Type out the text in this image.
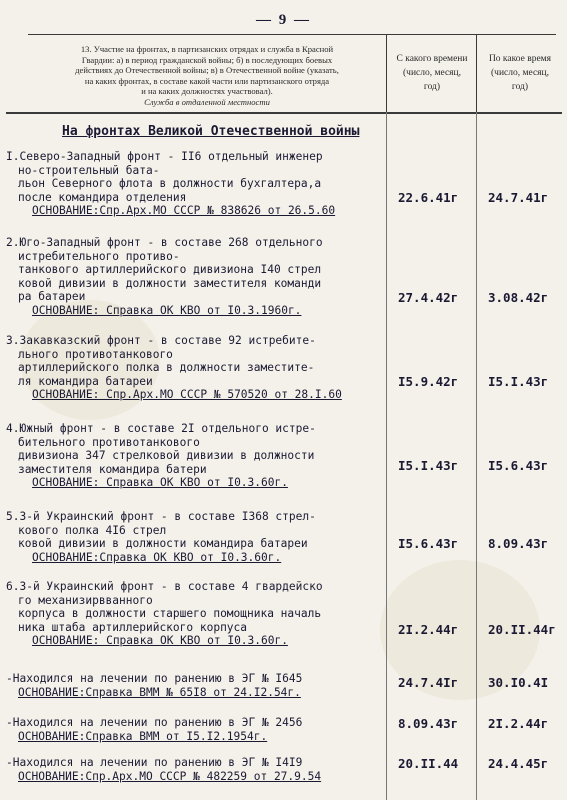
— 9 —
13. Участие на фронтах, в партизанских отрядах и служба в Красной
Гвардии: а) в период гражданской войны; б) в последующих боевых
действиях до Отечественной войны; в) в Отечественной войне (указать,
на каких фронтах, в составе какой части или партизанского отряда
и на каких должностях участвовал).
Служба в отдаленной местности
С какого времени
(число, месяц,
год)
По какое время
(число, месяц,
год)
На фронтах Великой Отечественной войны
I.Северо-Западный фронт - II6 отдельный инженер
но-строительный бата-
льон Северного флота в должности бухгалтера,а
после командира отделения
ОСНОВАНИЕ:Спр.Арх.МО СССР № 838626 от 26.5.60
22.6.41г 24.7.41г
2.Юго-Западный фронт - в составе 268 отдельного
истребительного противо-
танкового артиллерийского дивизиона I40 стрел
ковой дивизии в должности заместителя команди
ра батареи
ОСНОВАНИЕ: Справка ОК КВО от I0.3.1960г.
27.4.42г 3.08.42г
3.Закавказский фронт - в составе 92 истребите-
льного противотанкового
артиллерийского полка в должности заместите-
ля командира батареи
ОСНОВАНИЕ: Спр.Арх.МО СССР № 570520 от 28.I.60
I5.9.42г I5.I.43г
4.Южный фронт - в составе 2I отдельного истре-
бительного противотанкового
дивизиона 347 стрелковой дивизии в должности
заместителя командира батери
ОСНОВАНИЕ: Справка ОК КВО от I0.3.60г.
I5.I.43г I5.6.43г
5.3-й Украинский фронт - в составе I368 стрел-
кового полка 4I6 стрел
ковой дивизии в должности командира батареи
ОСНОВАНИЕ:Справка ОК КВО от I0.3.60г.
I5.6.43г 8.09.43г
6.3-й Украинский фронт - в составе 4 гвардейско
го механизирвванного
корпуса в должности старшего помощника началь
ника штаба артиллерийского корпуса
ОСНОВАНИЕ: Справка ОК КВО от I0.3.60г.
2I.2.44г 20.II.44г
-Находился на лечении по ранению в ЭГ № I645
ОСНОВАНИЕ:Справка ВММ № 65I8 от 24.I2.54г.
24.7.4Iг 30.I0.4I
-Находился на лечении по ранению в ЭГ № 2456
ОСНОВАНИЕ:Справка ВММ от I5.I2.1954г.
8.09.43г 2I.2.44г
-Находился на лечении по ранению в ЭГ № I4I9
ОСНОВАНИЕ:Спр.Арх.МО СССР № 482259 от 27.9.54
20.II.44 24.4.45г
